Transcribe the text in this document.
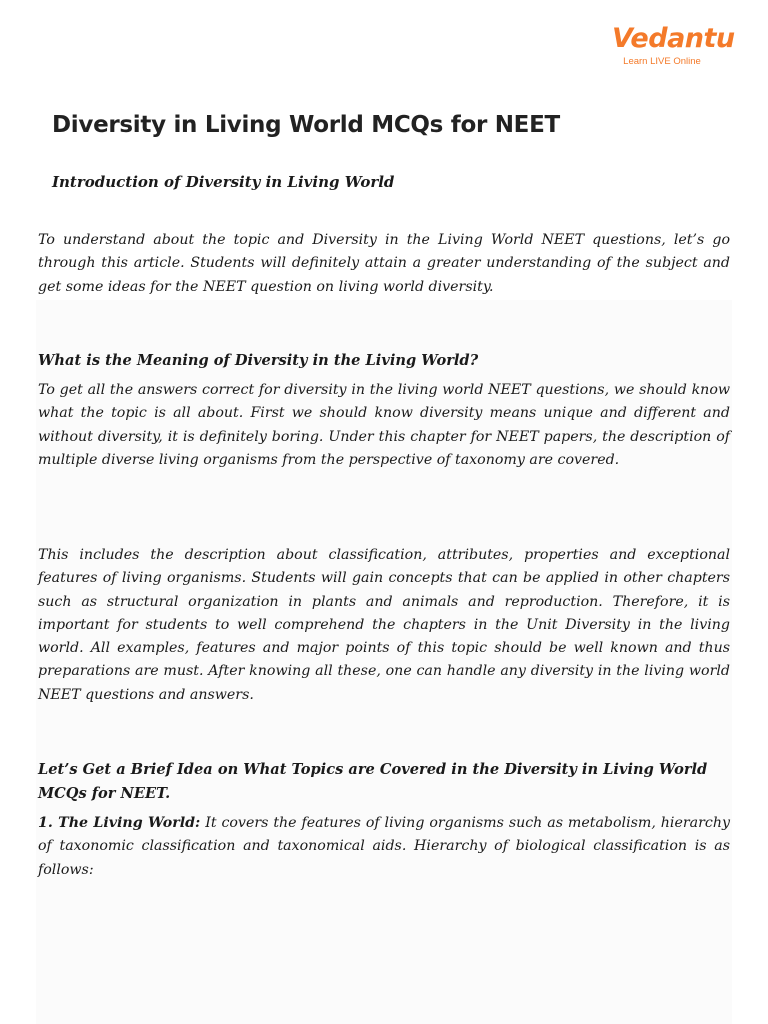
Vedantu
Learn LIVE Online
Diversity in Living World MCQs for NEET
Introduction of Diversity in Living World

To understand about the topic and Diversity in the Living World NEET questions, let’s go through this article. Students will definitely attain a greater understanding of the subject and get some ideas for the NEET question on living world diversity.

What is the Meaning of Diversity in the Living World?

To get all the answers correct for diversity in the living world NEET questions, we should know what the topic is all about. First we should know diversity means unique and different and without diversity, it is definitely boring. Under this chapter for NEET papers, the description of multiple diverse living organisms from the perspective of taxonomy are covered.

This includes the description about classification, attributes, properties and exceptional features of living organisms. Students will gain concepts that can be applied in other chapters such as structural organization in plants and animals and reproduction. Therefore, it is important for students to well comprehend the chapters in the Unit Diversity in the living world. All examples, features and major points of this topic should be well known and thus preparations are must. After knowing all these, one can handle any diversity in the living world NEET questions and answers.

Let’s Get a Brief Idea on What Topics are Covered in the Diversity in Living World MCQs for NEET.

1. The Living World: It covers the features of living organisms such as metabolism, hierarchy of taxonomic classification and taxonomical aids. Hierarchy of biological classification is as follows:
